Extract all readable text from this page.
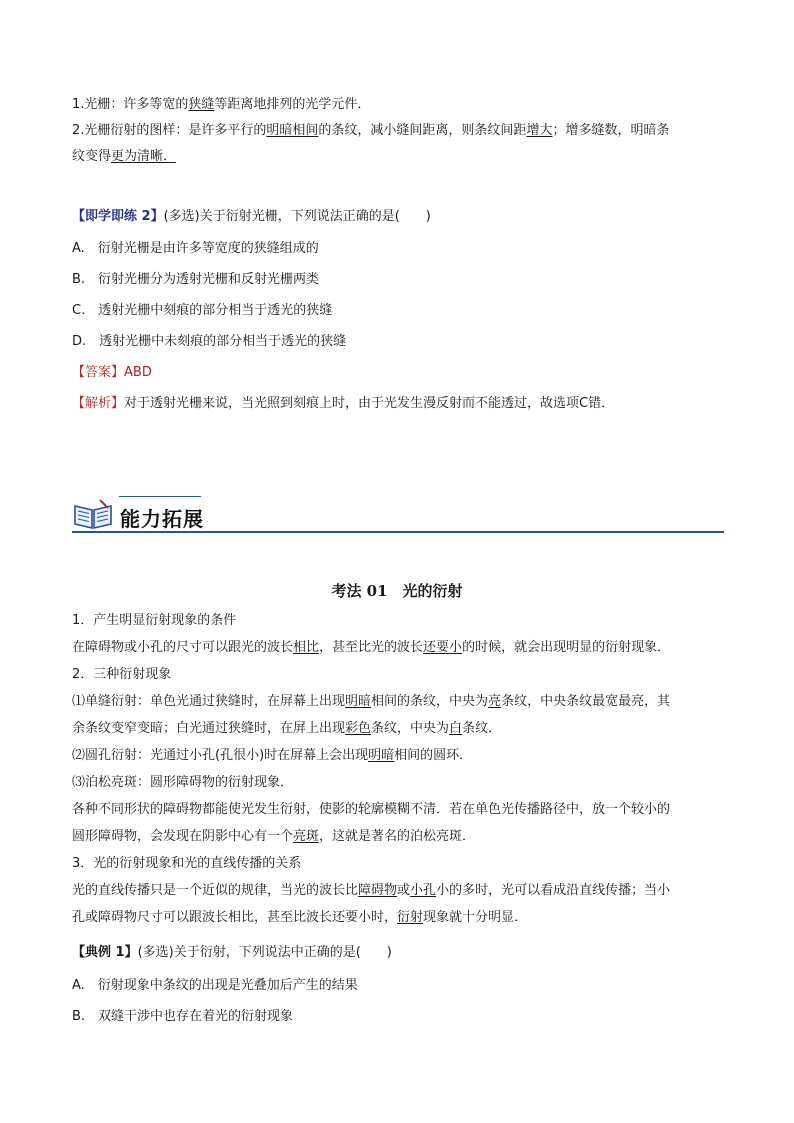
1.光栅：许多等宽的狭缝等距离地排列的光学元件．
2.光栅衍射的图样：是许多平行的明暗相间的条纹，减小缝间距离，则条纹间距增大；增多缝数，明暗条
纹变得更为清晰．
【即学即练 2】(多选)关于衍射光栅，下列说法正确的是(　　)
A.　衍射光栅是由许多等宽度的狭缝组成的
B.　衍射光栅分为透射光栅和反射光栅两类
C.　透射光栅中刻痕的部分相当于透光的狭缝
D.　透射光栅中未刻痕的部分相当于透光的狭缝
【答案】ABD
【解析】对于透射光栅来说，当光照到刻痕上时，由于光发生漫反射而不能透过，故选项C错．
能力拓展
考法 01　光的衍射
1．产生明显衍射现象的条件
在障碍物或小孔的尺寸可以跟光的波长相比，甚至比光的波长还要小的时候，就会出现明显的衍射现象．
2．三种衍射现象
⑴单缝衍射：单色光通过狭缝时，在屏幕上出现明暗相间的条纹，中央为亮条纹，中央条纹最宽最亮，其
余条纹变窄变暗；白光通过狭缝时，在屏上出现彩色条纹，中央为白条纹．
⑵圆孔衍射：光通过小孔(孔很小)时在屏幕上会出现明暗相间的圆环．
⑶泊松亮斑：圆形障碍物的衍射现象．
各种不同形状的障碍物都能使光发生衍射，使影的轮廓模糊不清．若在单色光传播路径中，放一个较小的
圆形障碍物，会发现在阴影中心有一个亮斑，这就是著名的泊松亮斑．
3．光的衍射现象和光的直线传播的关系
光的直线传播只是一个近似的规律，当光的波长比障碍物或小孔小的多时，光可以看成沿直线传播；当小
孔或障碍物尺寸可以跟波长相比，甚至比波长还要小时，衍射现象就十分明显．
【典例 1】(多选)关于衍射，下列说法中正确的是(　　)
A.　衍射现象中条纹的出现是光叠加后产生的结果
B.　双缝干涉中也存在着光的衍射现象
